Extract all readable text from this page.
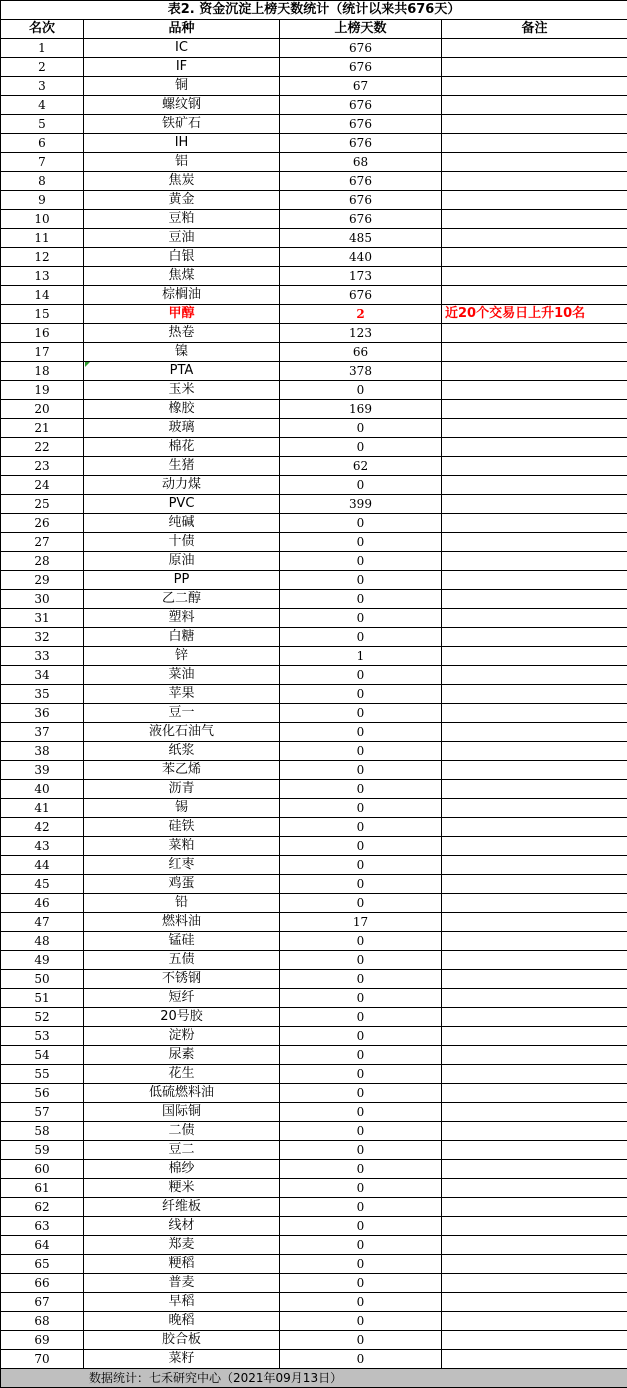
表2. 资金沉淀上榜天数统计（统计以来共676天）			
名次	品种	上榜天数	备注
1	IC	676	
2	IF	676	
3	铜	67	
4	螺纹钢	676	
5	铁矿石	676	
6	IH	676	
7	铝	68	
8	焦炭	676	
9	黄金	676	
10	豆粕	676	
11	豆油	485	
12	白银	440	
13	焦煤	173	
14	棕榈油	676	
15	甲醇	2	近20个交易日上升10名
16	热卷	123	
17	镍	66	
18	PTA	378	
19	玉米	0	
20	橡胶	169	
21	玻璃	0	
22	棉花	0	
23	生猪	62	
24	动力煤	0	
25	PVC	399	
26	纯碱	0	
27	十债	0	
28	原油	0	
29	PP	0	
30	乙二醇	0	
31	塑料	0	
32	白糖	0	
33	锌	1	
34	菜油	0	
35	苹果	0	
36	豆一	0	
37	液化石油气	0	
38	纸浆	0	
39	苯乙烯	0	
40	沥青	0	
41	锡	0	
42	硅铁	0	
43	菜粕	0	
44	红枣	0	
45	鸡蛋	0	
46	铅	0	
47	燃料油	17	
48	锰硅	0	
49	五债	0	
50	不锈钢	0	
51	短纤	0	
52	20号胶	0	
53	淀粉	0	
54	尿素	0	
55	花生	0	
56	低硫燃料油	0	
57	国际铜	0	
58	二债	0	
59	豆二	0	
60	棉纱	0	
61	粳米	0	
62	纤维板	0	
63	线材	0	
64	郑麦	0	
65	粳稻	0	
66	普麦	0	
67	早稻	0	
68	晚稻	0	
69	胶合板	0	
70	菜籽	0	
数据统计：七禾研究中心（2021年09月13日）			
